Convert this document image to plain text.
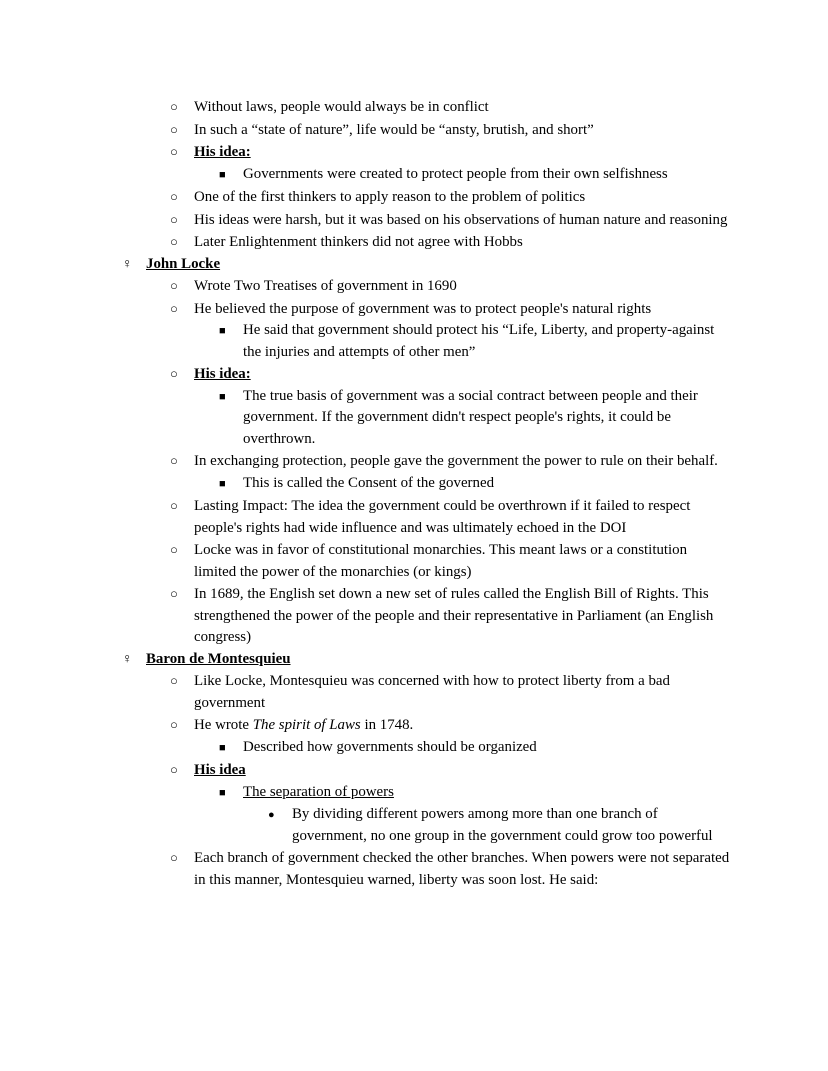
○	Without laws, people would always be in conflict
○	In such a “state of nature”, life would be “ansty, brutish, and short”
○	His idea:
■	Governments were created to protect people from their own selfishness
○	One of the first thinkers to apply reason to the problem of politics
○	His ideas were harsh, but it was based on his observations of human nature and reasoning
○	Later Enlightenment thinkers did not agree with Hobbs
♀ John Locke
○	Wrote Two Treatises of government in 1690
○	He believed the purpose of government was to protect people's natural rights
■	He said that government should protect his “Life, Liberty, and property-against the injuries and attempts of other men”
○	His idea:
■	The true basis of government was a social contract between people and their government. If the government didn't respect people's rights, it could be overthrown.
○	In exchanging protection, people gave the government the power to rule on their behalf.
■	This is called the Consent of the governed
○	Lasting Impact: The idea the government could be overthrown if it failed to respect people's rights had wide influence and was ultimately echoed in the DOI
○	Locke was in favor of constitutional monarchies. This meant laws or a constitution limited the power of the monarchies (or kings)
○	In 1689, the English set down a new set of rules called the English Bill of Rights. This strengthened the power of the people and their representative in Parliament (an English congress)
♀ Baron de Montesquieu
○	Like Locke, Montesquieu was concerned with how to protect liberty from a bad government
○	He wrote The spirit of Laws in 1748.
■	Described how governments should be organized
○	His idea
■	The separation of powers
●	By dividing different powers among more than one branch of government, no one group in the government could grow too powerful
○	Each branch of government checked the other branches. When powers were not separated in this manner, Montesquieu warned, liberty was soon lost. He said:
